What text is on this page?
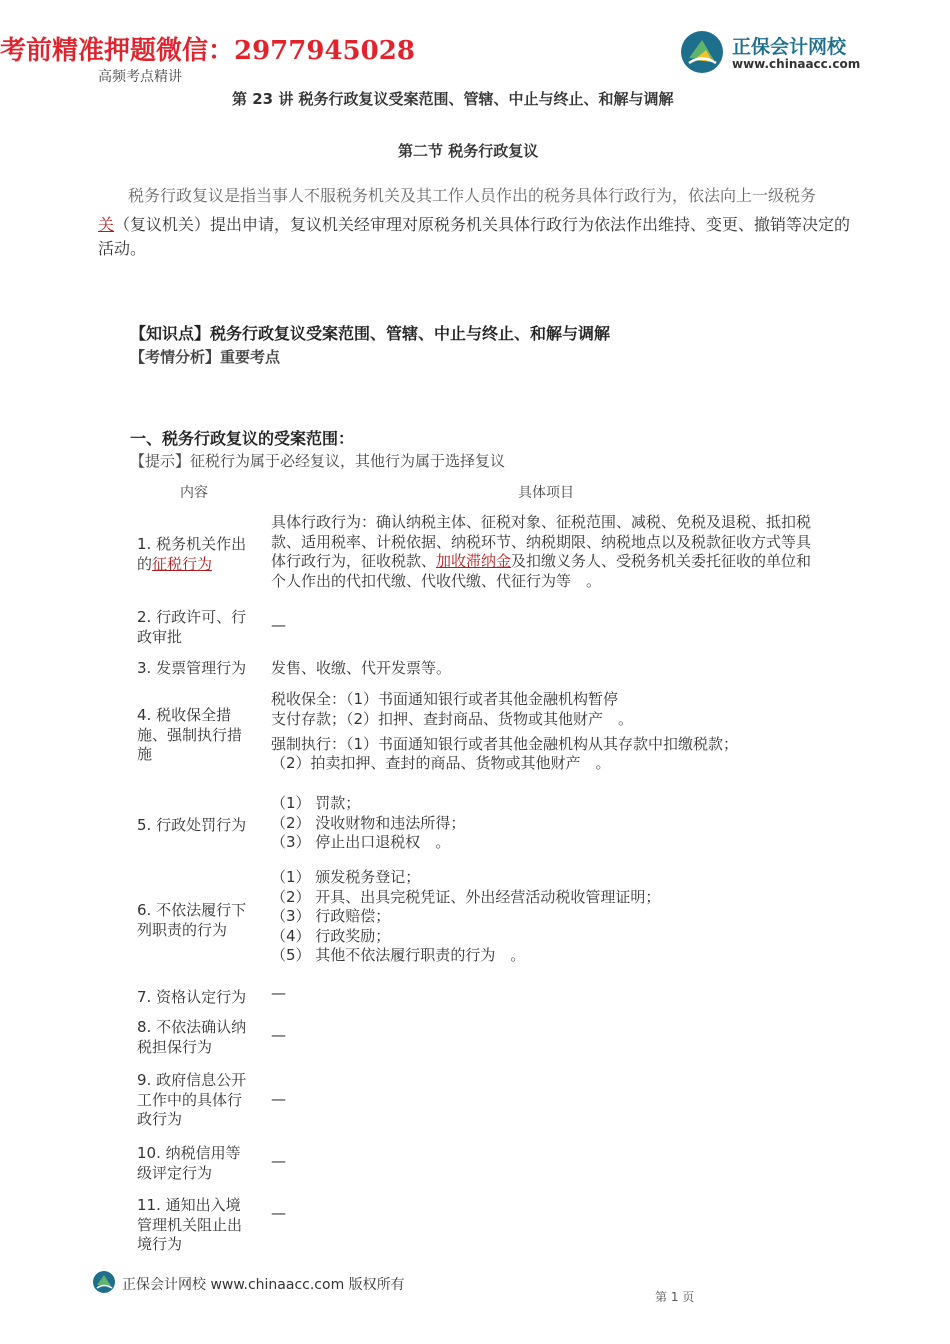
考前精准押题微信：2977945028	正保会计网校
www.chinaacc.com
高频考点精讲
第 23 讲 税务行政复议受案范围、管辖、中止与终止、和解与调解
第二节 税务行政复议
税务行政复议是指当事人不服税务机关及其工作人员作出的税务具体行政行为，依法向上一级税务
关（复议机关）提出申请，复议机关经审理对原税务机关具体行政行为依法作出维持、变更、撤销等决定的活动。
【知识点】税务行政复议受案范围、管辖、中止与终止、和解与调解
【考情分析】重要考点
一、税务行政复议的受案范围：
【提示】征税行为属于必经复议，其他行为属于选择复议
内容	具体项目
1. 税务机关作出的征税行为
具体行政行为：确认纳税主体、征税对象、征税范围、减税、免税及退税、抵扣税款、适用税率、计税依据、纳税环节、纳税期限、纳税地点以及税款征收方式等具体行政行为，征收税款、加收滞纳金及扣缴义务人、受税务机关委托征收的单位和个人作出的代扣代缴、代收代缴、代征行为等　。
2. 行政许可、行政审批
—
3. 发票管理行为 发售、收缴、代开发票等。
4. 税收保全措施、强制执行措施
税收保全：（1）书面通知银行或者其他金融机构暂停
支付存款；（2）扣押、查封商品、货物或其他财产　。
强制执行：（1）书面通知银行或者其他金融机构从其存款中扣缴税款；
（2）拍卖扣押、查封的商品、货物或其他财产　。
5. 行政处罚行为
（1） 罚款；
（2） 没收财物和违法所得；
（3） 停止出口退税权　。
6. 不依法履行下列职责的行为
（1） 颁发税务登记；
（2） 开具、出具完税凭证、外出经营活动税收管理证明；
（3） 行政赔偿；
（4） 行政奖励；
（5） 其他不依法履行职责的行为　。
7. 资格认定行为 —
8. 不依法确认纳税担保行为
—
9. 政府信息公开工作中的具体行政行为
—
10. 纳税信用等级评定行为
—
11. 通知出入境管理机关阻止出境行为
—
正保会计网校 www.chinaacc.com 版权所有
第 1 页
